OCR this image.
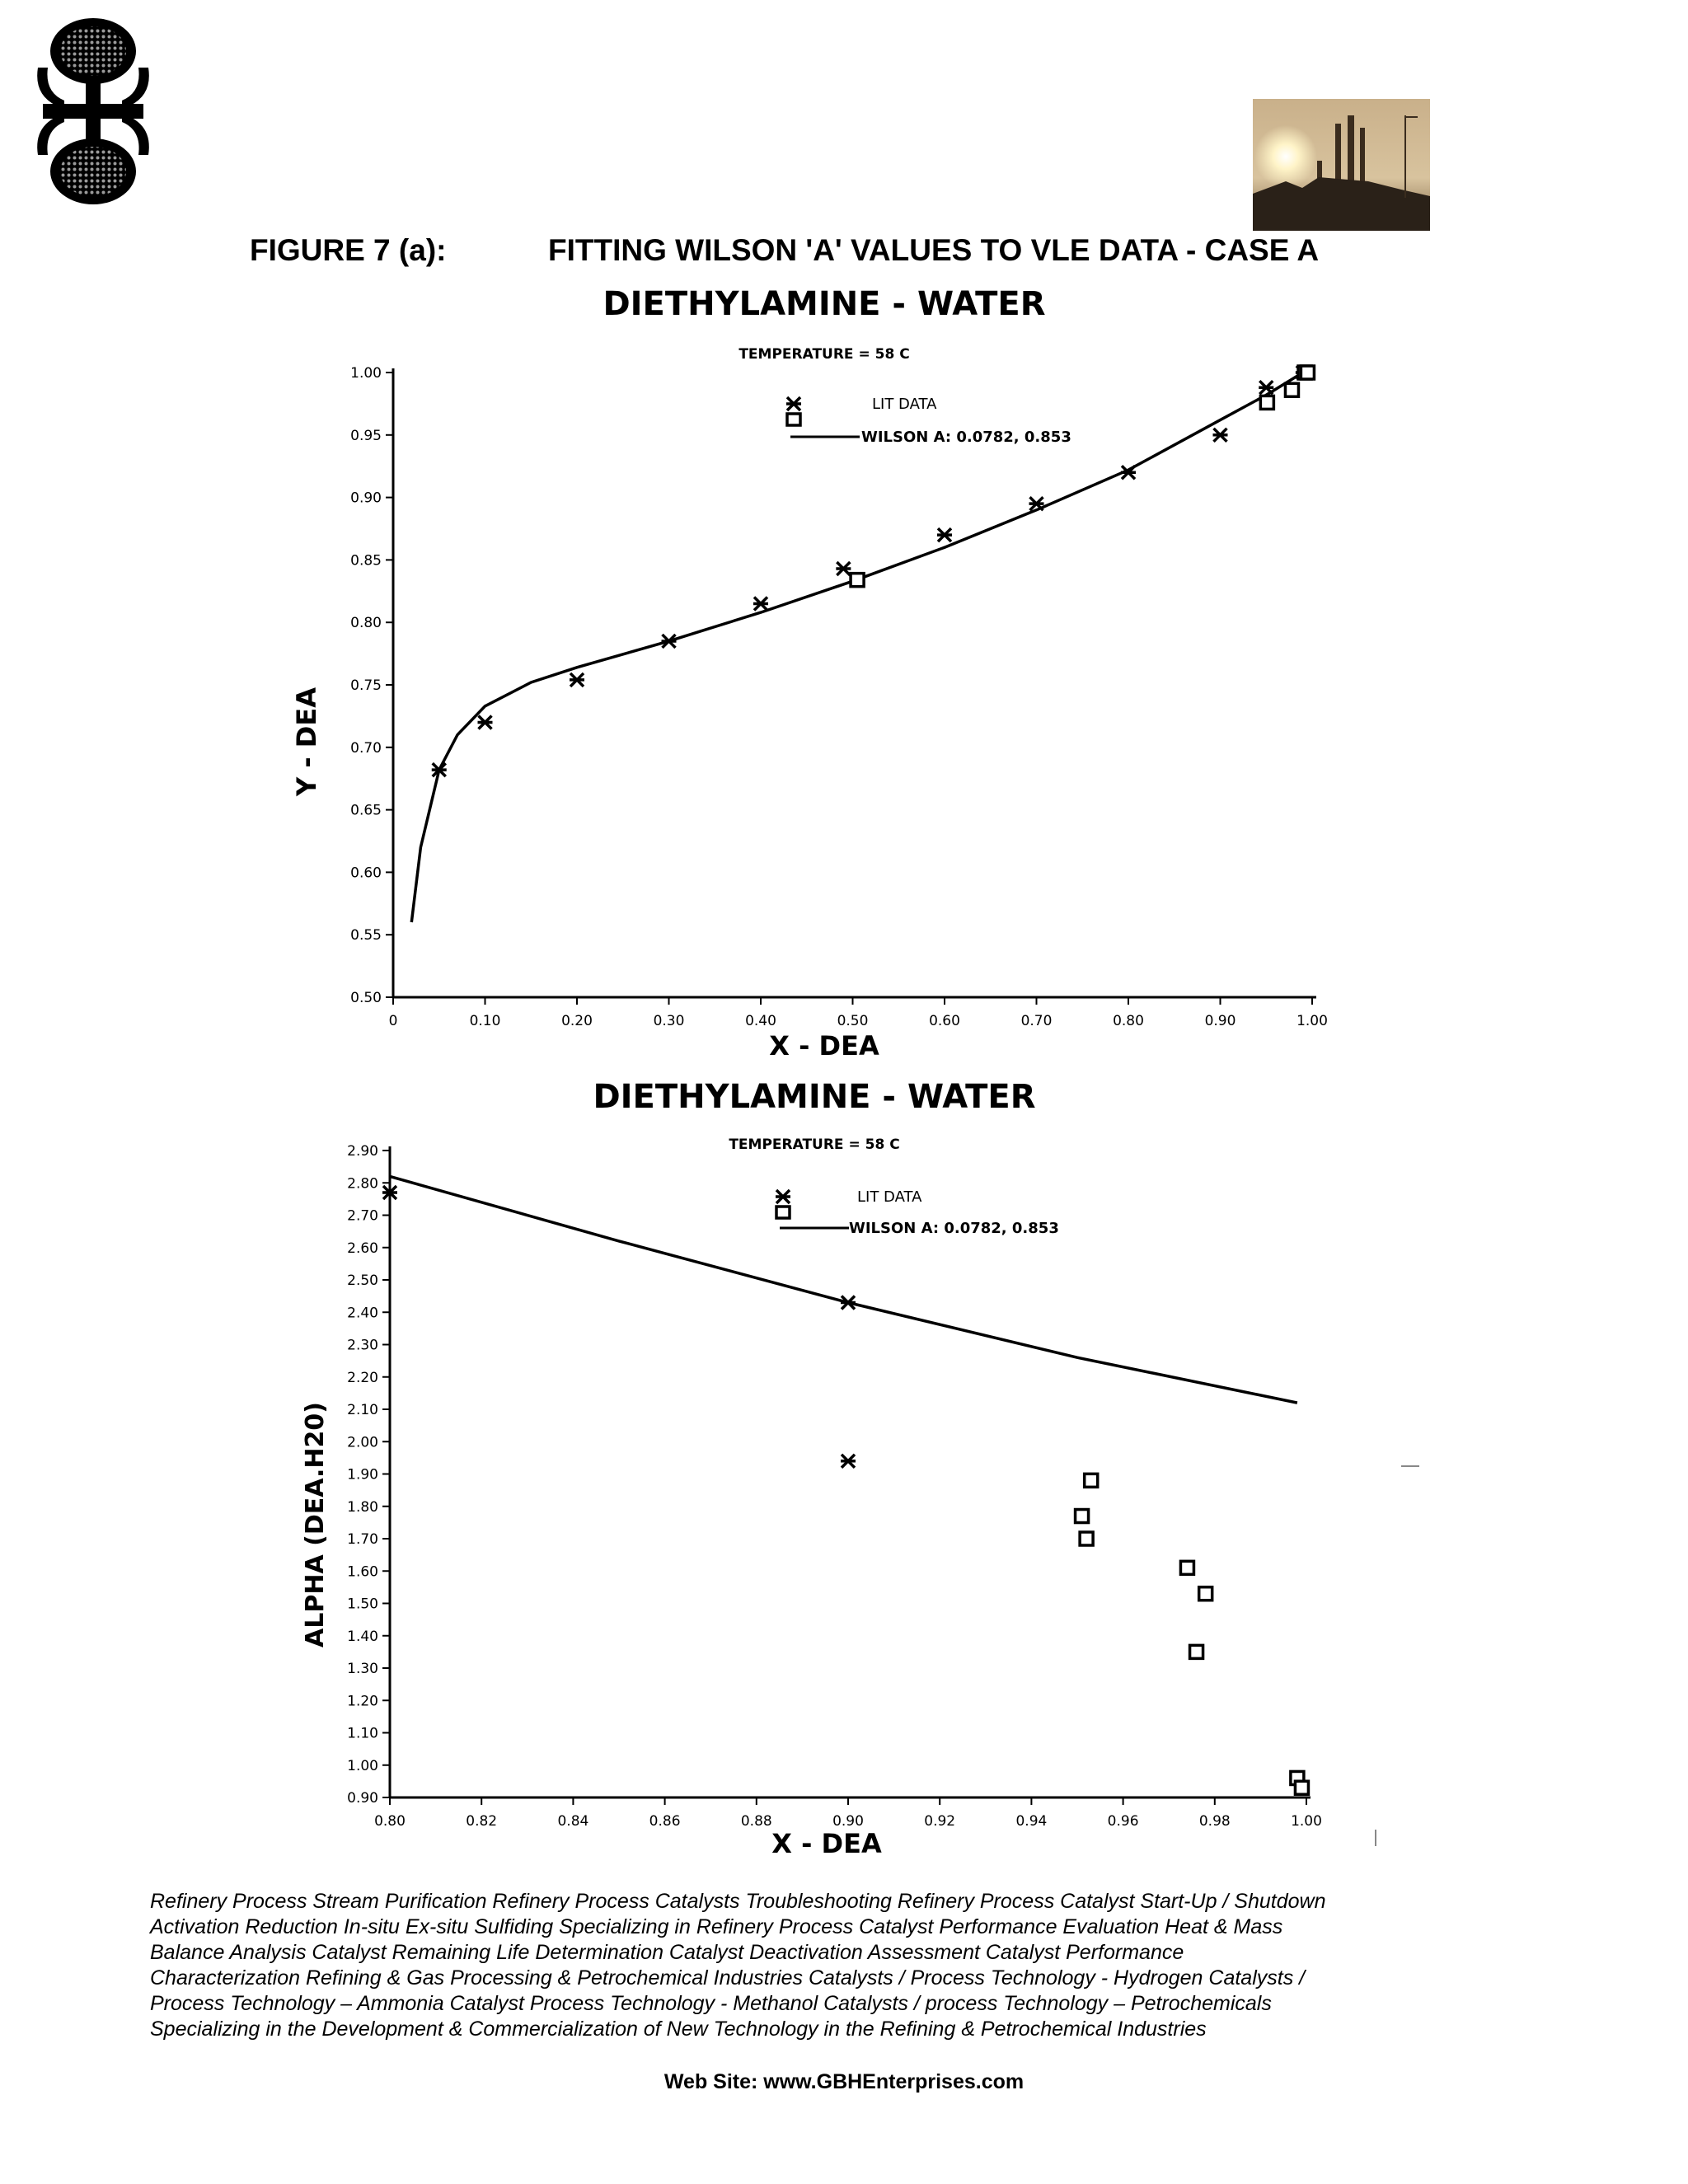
FIGURE 7 (a):	FITTING WILSON 'A' VALUES TO VLE DATA - CASE A
DIETHYLAMINE - WATER
TEMPERATURE = 58 C
0	0.10	0.20	0.30	0.40	0.50	0.60	0.70	0.80	0.90	1.00
0.50
0.55
0.60
0.65
0.70
0.75
0.80
0.85
0.90
0.95
1.00
X - DEA
Y - DEA
LIT DATA
WILSON A: 0.0782, 0.853
DIETHYLAMINE - WATER
TEMPERATURE = 58 C
0.80	0.82	0.84	0.86	0.88	0.90	0.92	0.94	0.96	0.98	1.00
0.90
1.00
1.10
1.20
1.30
1.40
1.50
1.60
1.70
1.80
1.90
2.00
2.10
2.20
2.30
2.40
2.50
2.60
2.70
2.80
2.90
X - DEA
ALPHA (DEA.H20)
LIT DATA
WILSON A: 0.0782, 0.853
Refinery Process Stream Purification Refinery Process Catalysts Troubleshooting Refinery Process Catalyst Start-Up / Shutdown
Activation Reduction In-situ Ex-situ Sulfiding Specializing in Refinery Process Catalyst Performance Evaluation Heat & Mass
Balance Analysis Catalyst Remaining Life Determination Catalyst Deactivation Assessment Catalyst Performance
Characterization Refining & Gas Processing & Petrochemical Industries Catalysts / Process Technology - Hydrogen Catalysts /
Process Technology – Ammonia Catalyst Process Technology - Methanol Catalysts / process Technology – Petrochemicals
Specializing in the Development & Commercialization of New Technology in the Refining & Petrochemical Industries
Web Site: www.GBHEnterprises.com
